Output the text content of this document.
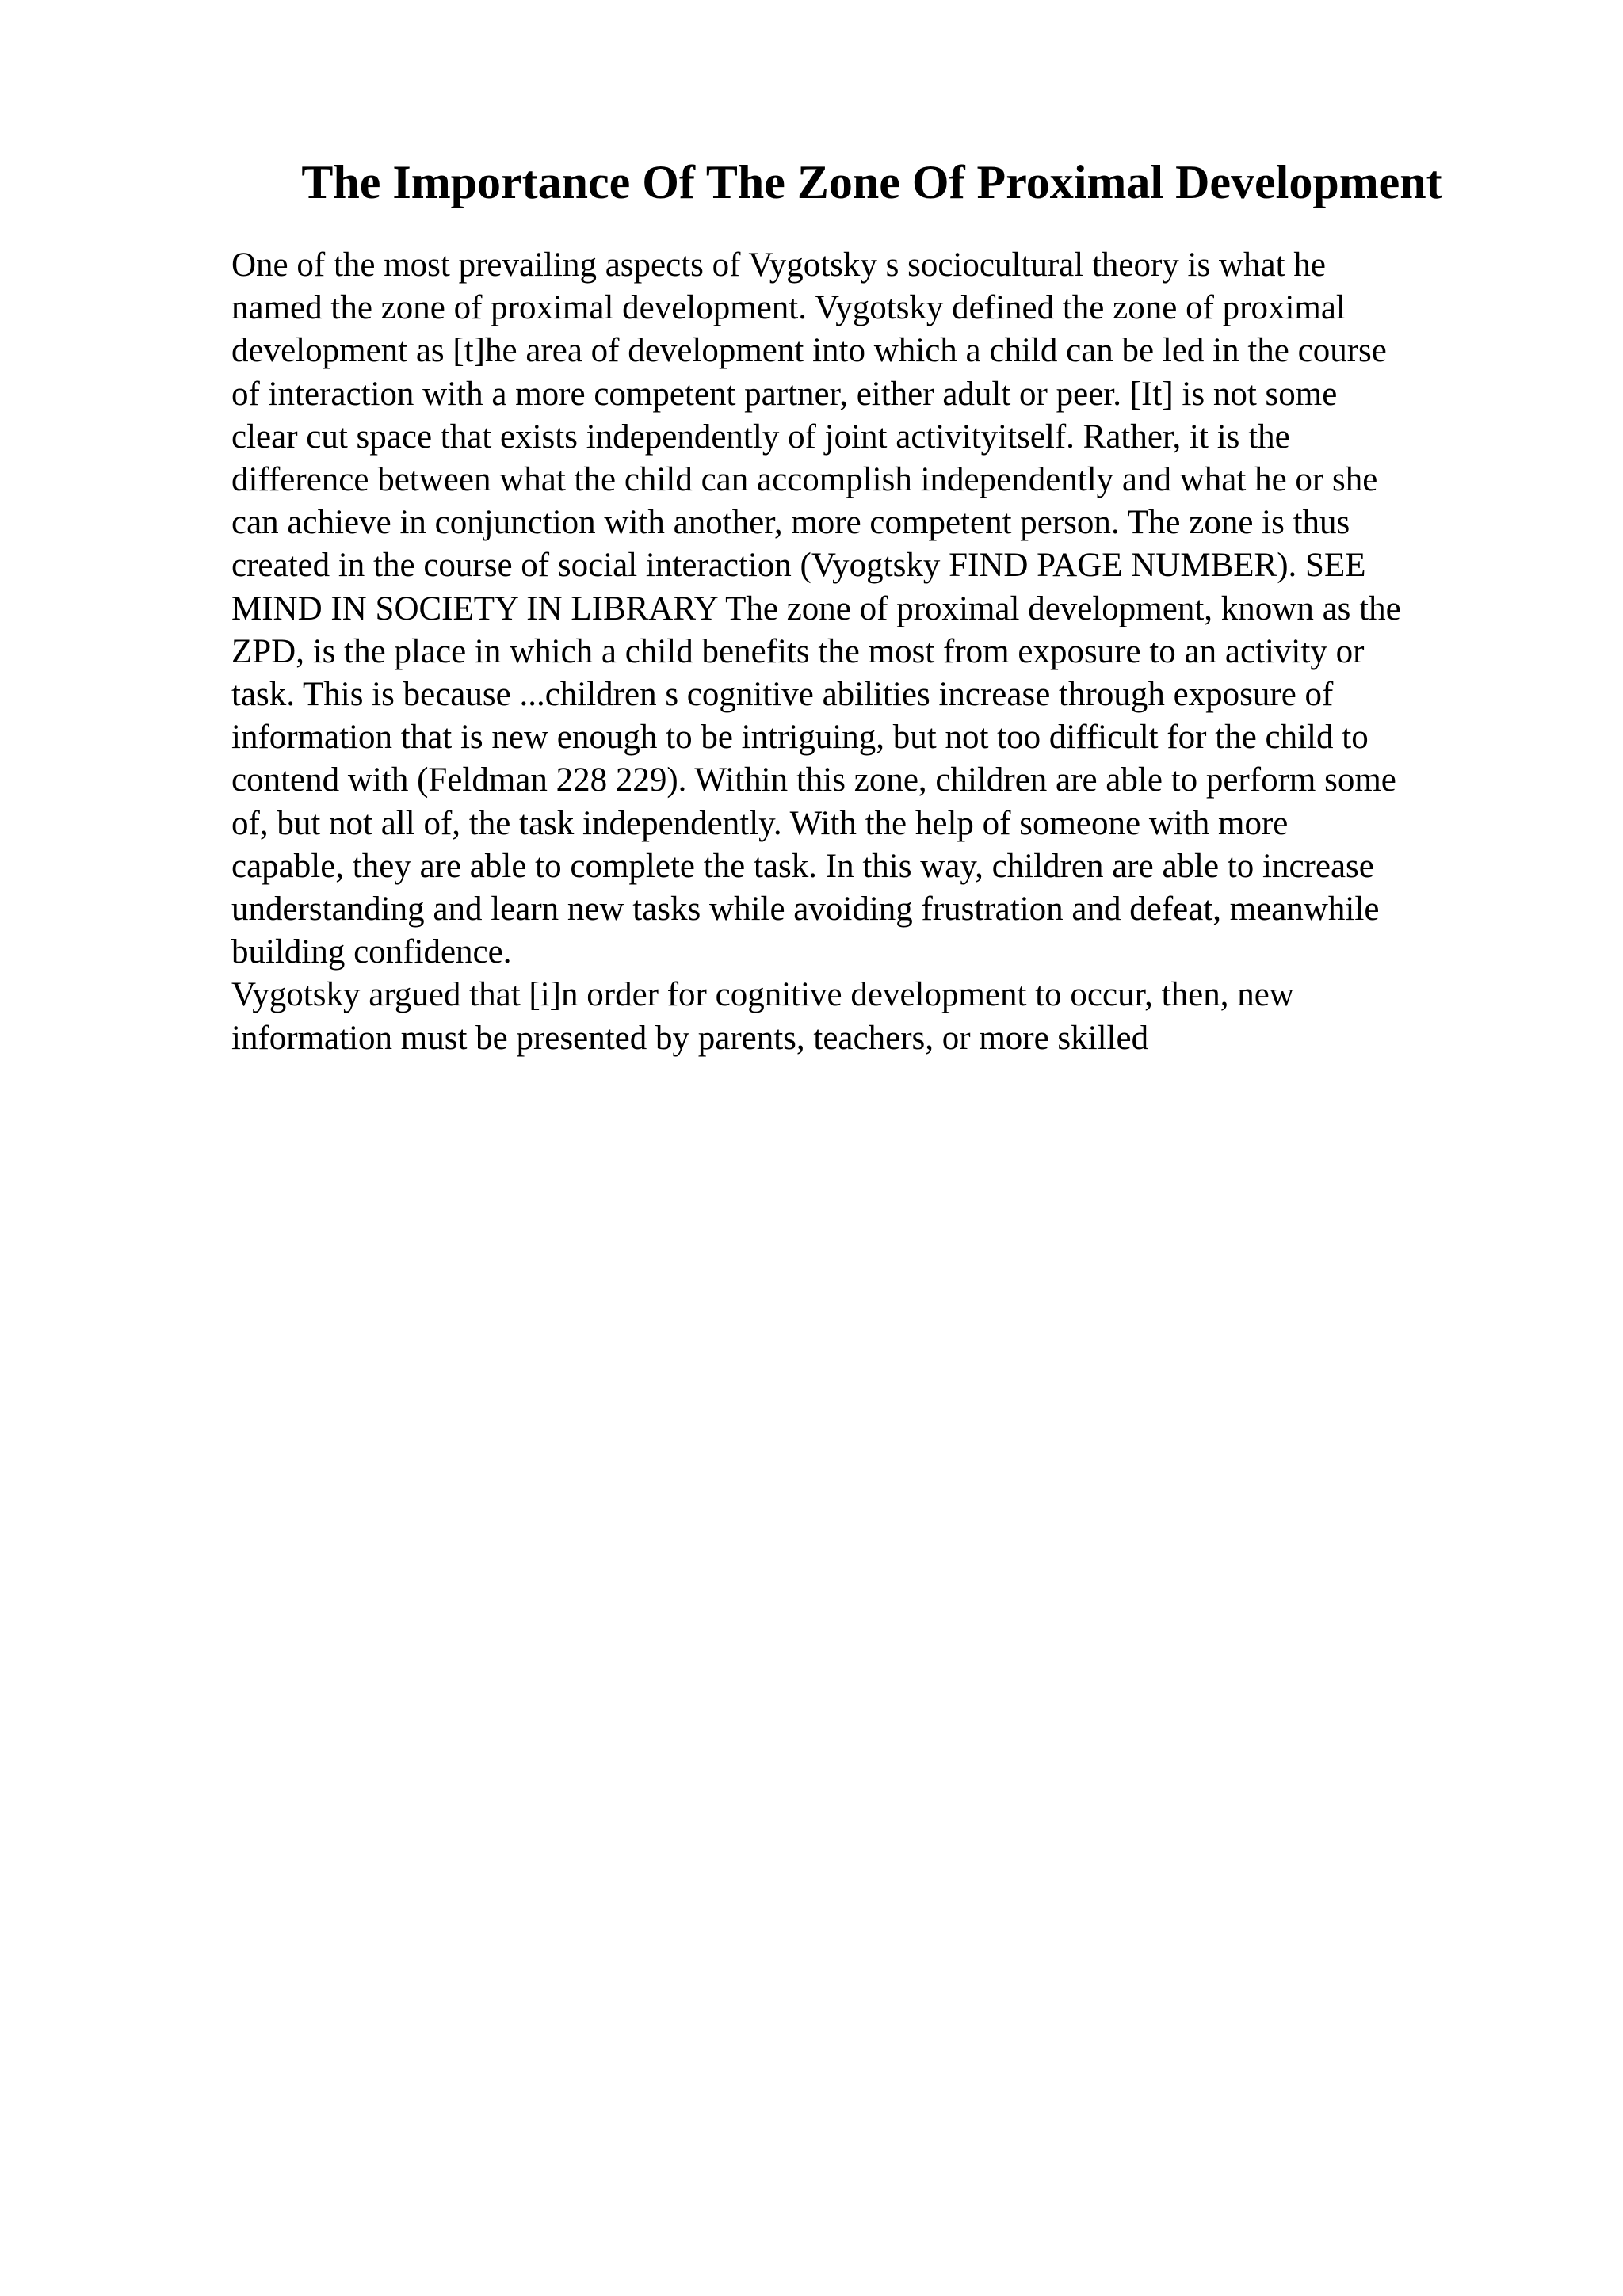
The Importance Of The Zone Of Proximal Development
One of the most prevailing aspects of Vygotsky s sociocultural theory is what he
named the zone of proximal development. Vygotsky defined the zone of proximal
development as [t]he area of development into which a child can be led in the course
of interaction with a more competent partner, either adult or peer. [It] is not some
clear cut space that exists independently of joint activityitself. Rather, it is the
difference between what the child can accomplish independently and what he or she
can achieve in conjunction with another, more competent person. The zone is thus
created in the course of social interaction (Vyogtsky FIND PAGE NUMBER). SEE
MIND IN SOCIETY IN LIBRARY The zone of proximal development, known as the
ZPD, is the place in which a child benefits the most from exposure to an activity or
task. This is because ...children s cognitive abilities increase through exposure of
information that is new enough to be intriguing, but not too difficult for the child to
contend with (Feldman 228 229). Within this zone, children are able to perform some
of, but not all of, the task independently. With the help of someone with more
capable, they are able to complete the task. In this way, children are able to increase
understanding and learn new tasks while avoiding frustration and defeat, meanwhile
building confidence.
Vygotsky argued that [i]n order for cognitive development to occur, then, new
information must be presented by parents, teachers, or more skilled
